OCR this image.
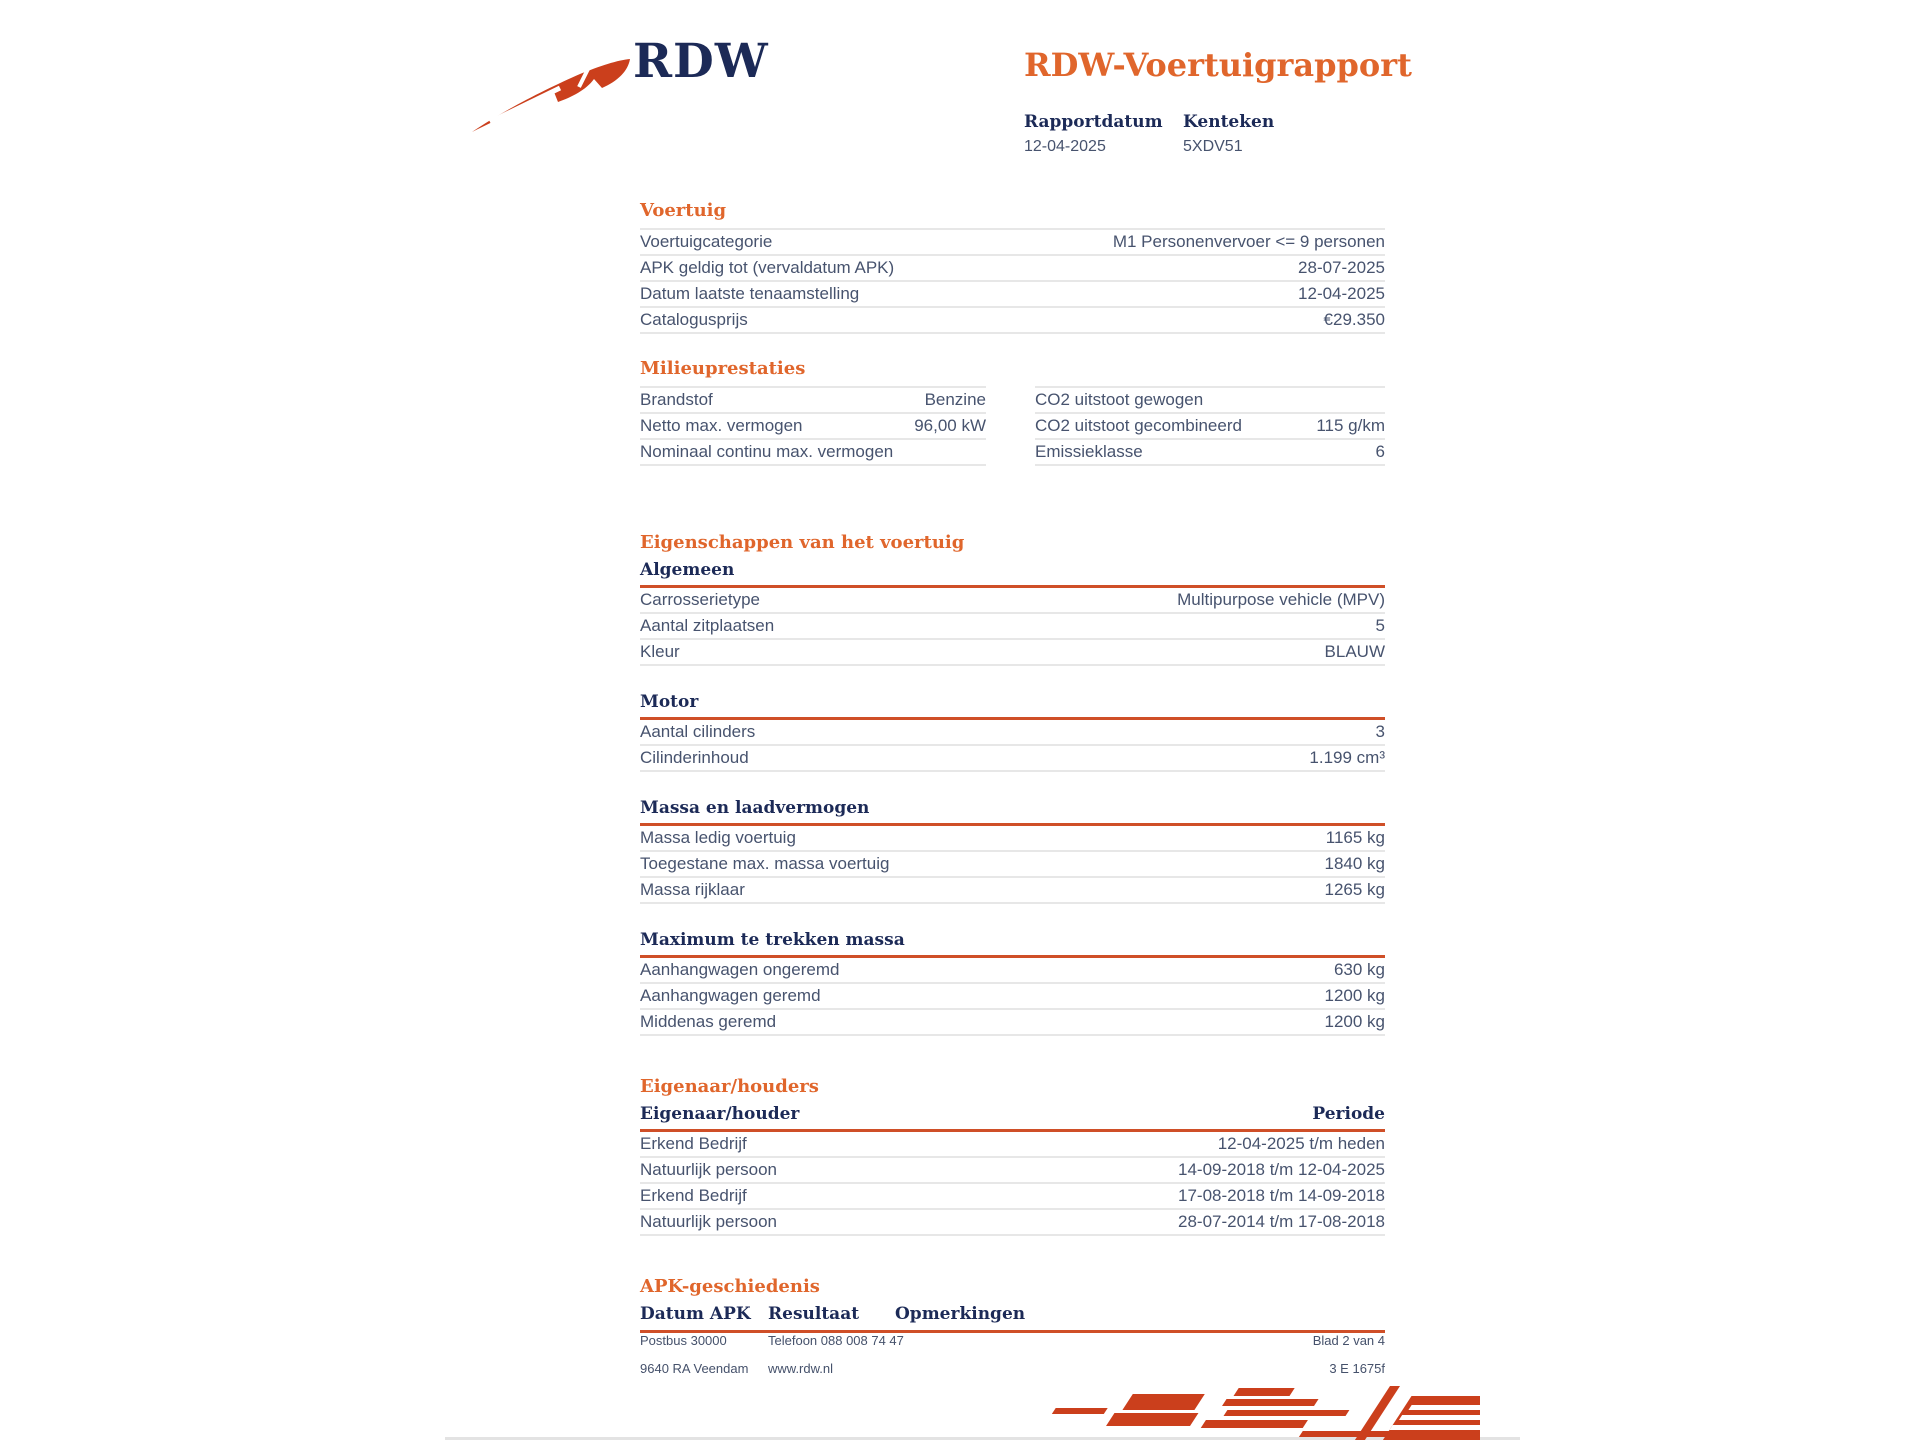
RDW	RDW-Voertuigrapport
Rapportdatum
12-04-2025
Kenteken
5XDV51
Voertuig
Voertuigcategorie	M1 Personenvervoer <= 9 personen
APK geldig tot (vervaldatum APK)	28-07-2025
Datum laatste tenaamstelling	12-04-2025
Catalogusprijs	€29.350
Milieuprestaties
Brandstof	Benzine
Netto max. vermogen	96,00 kW
Nominaal continu max. vermogen
CO2 uitstoot gewogen
CO2 uitstoot gecombineerd	115 g/km
Emissieklasse	6
Eigenschappen van het voertuig
Algemeen
Carrosserietype	Multipurpose vehicle (MPV)
Aantal zitplaatsen	5
Kleur	BLAUW
Motor
Aantal cilinders	3
Cilinderinhoud	1.199 cm³
Massa en laadvermogen
Massa ledig voertuig	1165 kg
Toegestane max. massa voertuig	1840 kg
Massa rijklaar	1265 kg
Maximum te trekken massa
Aanhangwagen ongeremd	630 kg
Aanhangwagen geremd	1200 kg
Middenas geremd	1200 kg
Eigenaar/houders
Eigenaar/houder	Periode
Erkend Bedrijf	12-04-2025 t/m heden
Natuurlijk persoon	14-09-2018 t/m 12-04-2025
Erkend Bedrijf	17-08-2018 t/m 14-09-2018
Natuurlijk persoon	28-07-2014 t/m 17-08-2018
APK-geschiedenis
Datum APK	Resultaat	Opmerkingen
Postbus 30000	Telefoon 088 008 74 47	Blad 2 van 4
9640 RA Veendam	www.rdw.nl	3 E 1675f
